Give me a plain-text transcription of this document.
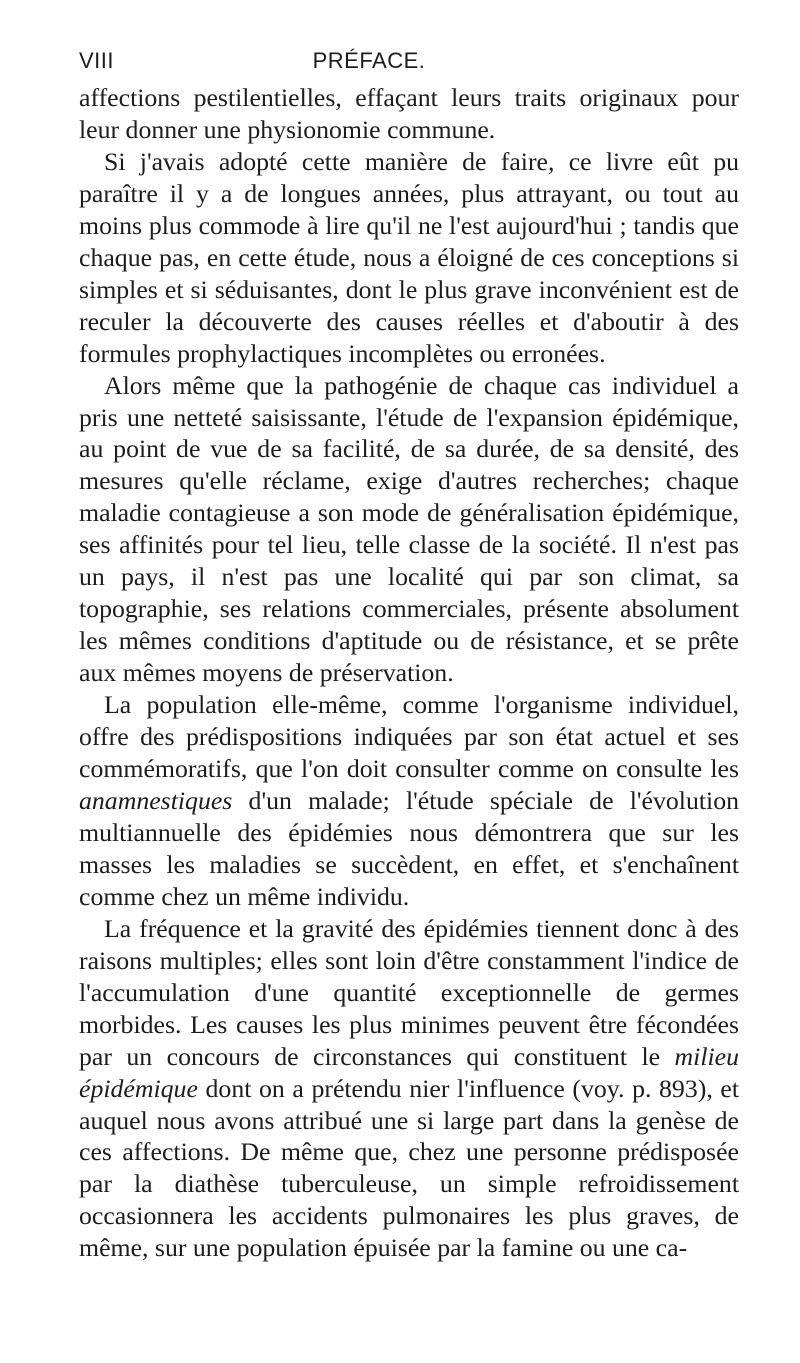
VIII	PRÉFACE.

affections pestilentielles, effaçant leurs traits originaux pour leur donner une physionomie commune.

Si j'avais adopté cette manière de faire, ce livre eût pu paraître il y a de longues années, plus attrayant, ou tout au moins plus commode à lire qu'il ne l'est aujourd'hui ; tandis que chaque pas, en cette étude, nous a éloigné de ces conceptions si simples et si séduisantes, dont le plus grave inconvénient est de reculer la découverte des causes réelles et d'aboutir à des formules prophylactiques incomplètes ou erronées.

Alors même que la pathogénie de chaque cas individuel a pris une netteté saisissante, l'étude de l'expansion épidémique, au point de vue de sa facilité, de sa durée, de sa densité, des mesures qu'elle réclame, exige d'autres recherches; chaque maladie contagieuse a son mode de généralisation épidémique, ses affinités pour tel lieu, telle classe de la société. Il n'est pas un pays, il n'est pas une localité qui par son climat, sa topographie, ses relations commerciales, présente absolument les mêmes conditions d'aptitude ou de résistance, et se prête aux mêmes moyens de préservation.

La population elle-même, comme l'organisme individuel, offre des prédispositions indiquées par son état actuel et ses commémoratifs, que l'on doit consulter comme on consulte les anamnestiques d'un malade; l'étude spéciale de l'évolution multiannuelle des épidémies nous démontrera que sur les masses les maladies se succèdent, en effet, et s'enchaînent comme chez un même individu.

La fréquence et la gravité des épidémies tiennent donc à des raisons multiples; elles sont loin d'être constamment l'indice de l'accumulation d'une quantité exceptionnelle de germes morbides. Les causes les plus minimes peuvent être fécondées par un concours de circonstances qui constituent le milieu épidémique dont on a prétendu nier l'influence (voy. p. 893), et auquel nous avons attribué une si large part dans la genèse de ces affections. De même que, chez une personne prédisposée par la diathèse tuberculeuse, un simple refroidissement occasionnera les accidents pulmonaires les plus graves, de même, sur une population épuisée par la famine ou une ca-
